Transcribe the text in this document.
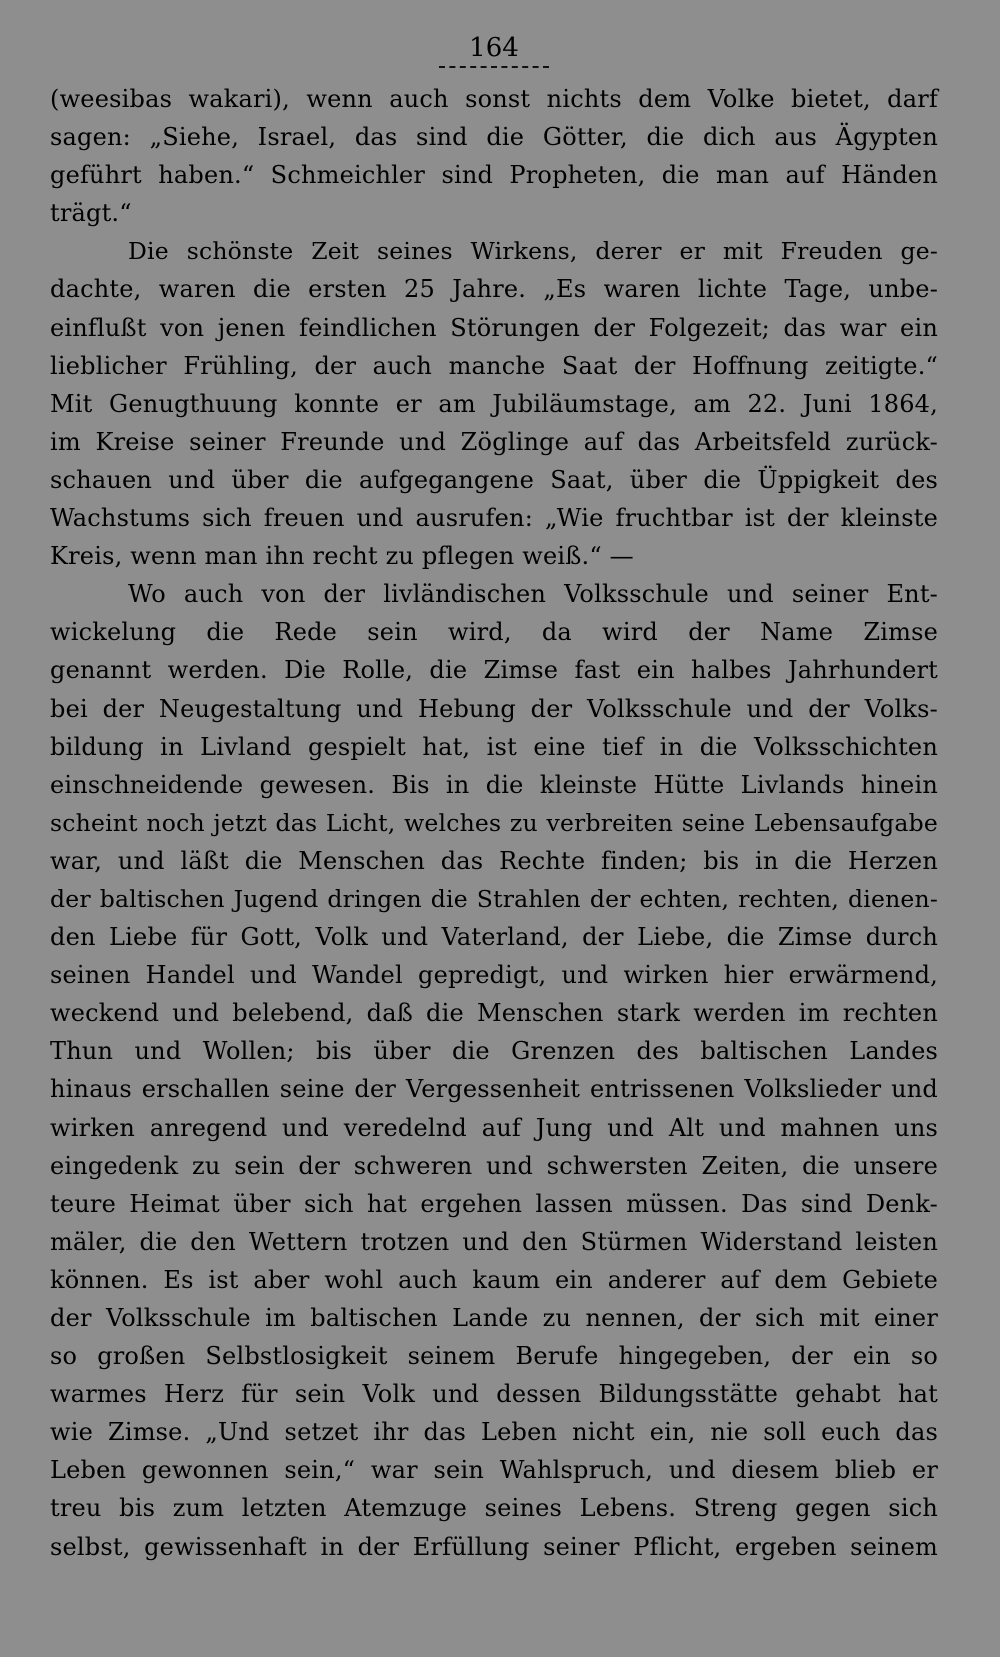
164
(weesibas wakari), wenn auch sonst nichts dem Volke bietet, darf
sagen: „Siehe, Israel, das sind die Götter, die dich aus Ägypten
geführt haben.“ Schmeichler sind Propheten, die man auf Händen
trägt.“
Die schönste Zeit seines Wirkens, derer er mit Freuden ge-
dachte, waren die ersten 25 Jahre. „Es waren lichte Tage, unbe-
einflußt von jenen feindlichen Störungen der Folgezeit; das war ein
lieblicher Frühling, der auch manche Saat der Hoffnung zeitigte.“
Mit Genugthuung konnte er am Jubiläumstage, am 22. Juni 1864,
im Kreise seiner Freunde und Zöglinge auf das Arbeitsfeld zurück-
schauen und über die aufgegangene Saat, über die Üppigkeit des
Wachstums sich freuen und ausrufen: „Wie fruchtbar ist der kleinste
Kreis, wenn man ihn recht zu pflegen weiß.“ —
Wo auch von der livländischen Volksschule und seiner Ent-
wickelung die Rede sein wird, da wird der Name Zimse
genannt werden. Die Rolle, die Zimse fast ein halbes Jahrhundert
bei der Neugestaltung und Hebung der Volksschule und der Volks-
bildung in Livland gespielt hat, ist eine tief in die Volksschichten
einschneidende gewesen. Bis in die kleinste Hütte Livlands hinein
scheint noch jetzt das Licht, welches zu verbreiten seine Lebensaufgabe
war, und läßt die Menschen das Rechte finden; bis in die Herzen
der baltischen Jugend dringen die Strahlen der echten, rechten, dienen-
den Liebe für Gott, Volk und Vaterland, der Liebe, die Zimse durch
seinen Handel und Wandel gepredigt, und wirken hier erwärmend,
weckend und belebend, daß die Menschen stark werden im rechten
Thun und Wollen; bis über die Grenzen des baltischen Landes
hinaus erschallen seine der Vergessenheit entrissenen Volkslieder und
wirken anregend und veredelnd auf Jung und Alt und mahnen uns
eingedenk zu sein der schweren und schwersten Zeiten, die unsere
teure Heimat über sich hat ergehen lassen müssen. Das sind Denk-
mäler, die den Wettern trotzen und den Stürmen Widerstand leisten
können. Es ist aber wohl auch kaum ein anderer auf dem Gebiete
der Volksschule im baltischen Lande zu nennen, der sich mit einer
so großen Selbstlosigkeit seinem Berufe hingegeben, der ein so
warmes Herz für sein Volk und dessen Bildungsstätte gehabt hat
wie Zimse. „Und setzet ihr das Leben nicht ein, nie soll euch das
Leben gewonnen sein,“ war sein Wahlspruch, und diesem blieb er
treu bis zum letzten Atemzuge seines Lebens. Streng gegen sich
selbst, gewissenhaft in der Erfüllung seiner Pflicht, ergeben seinem
